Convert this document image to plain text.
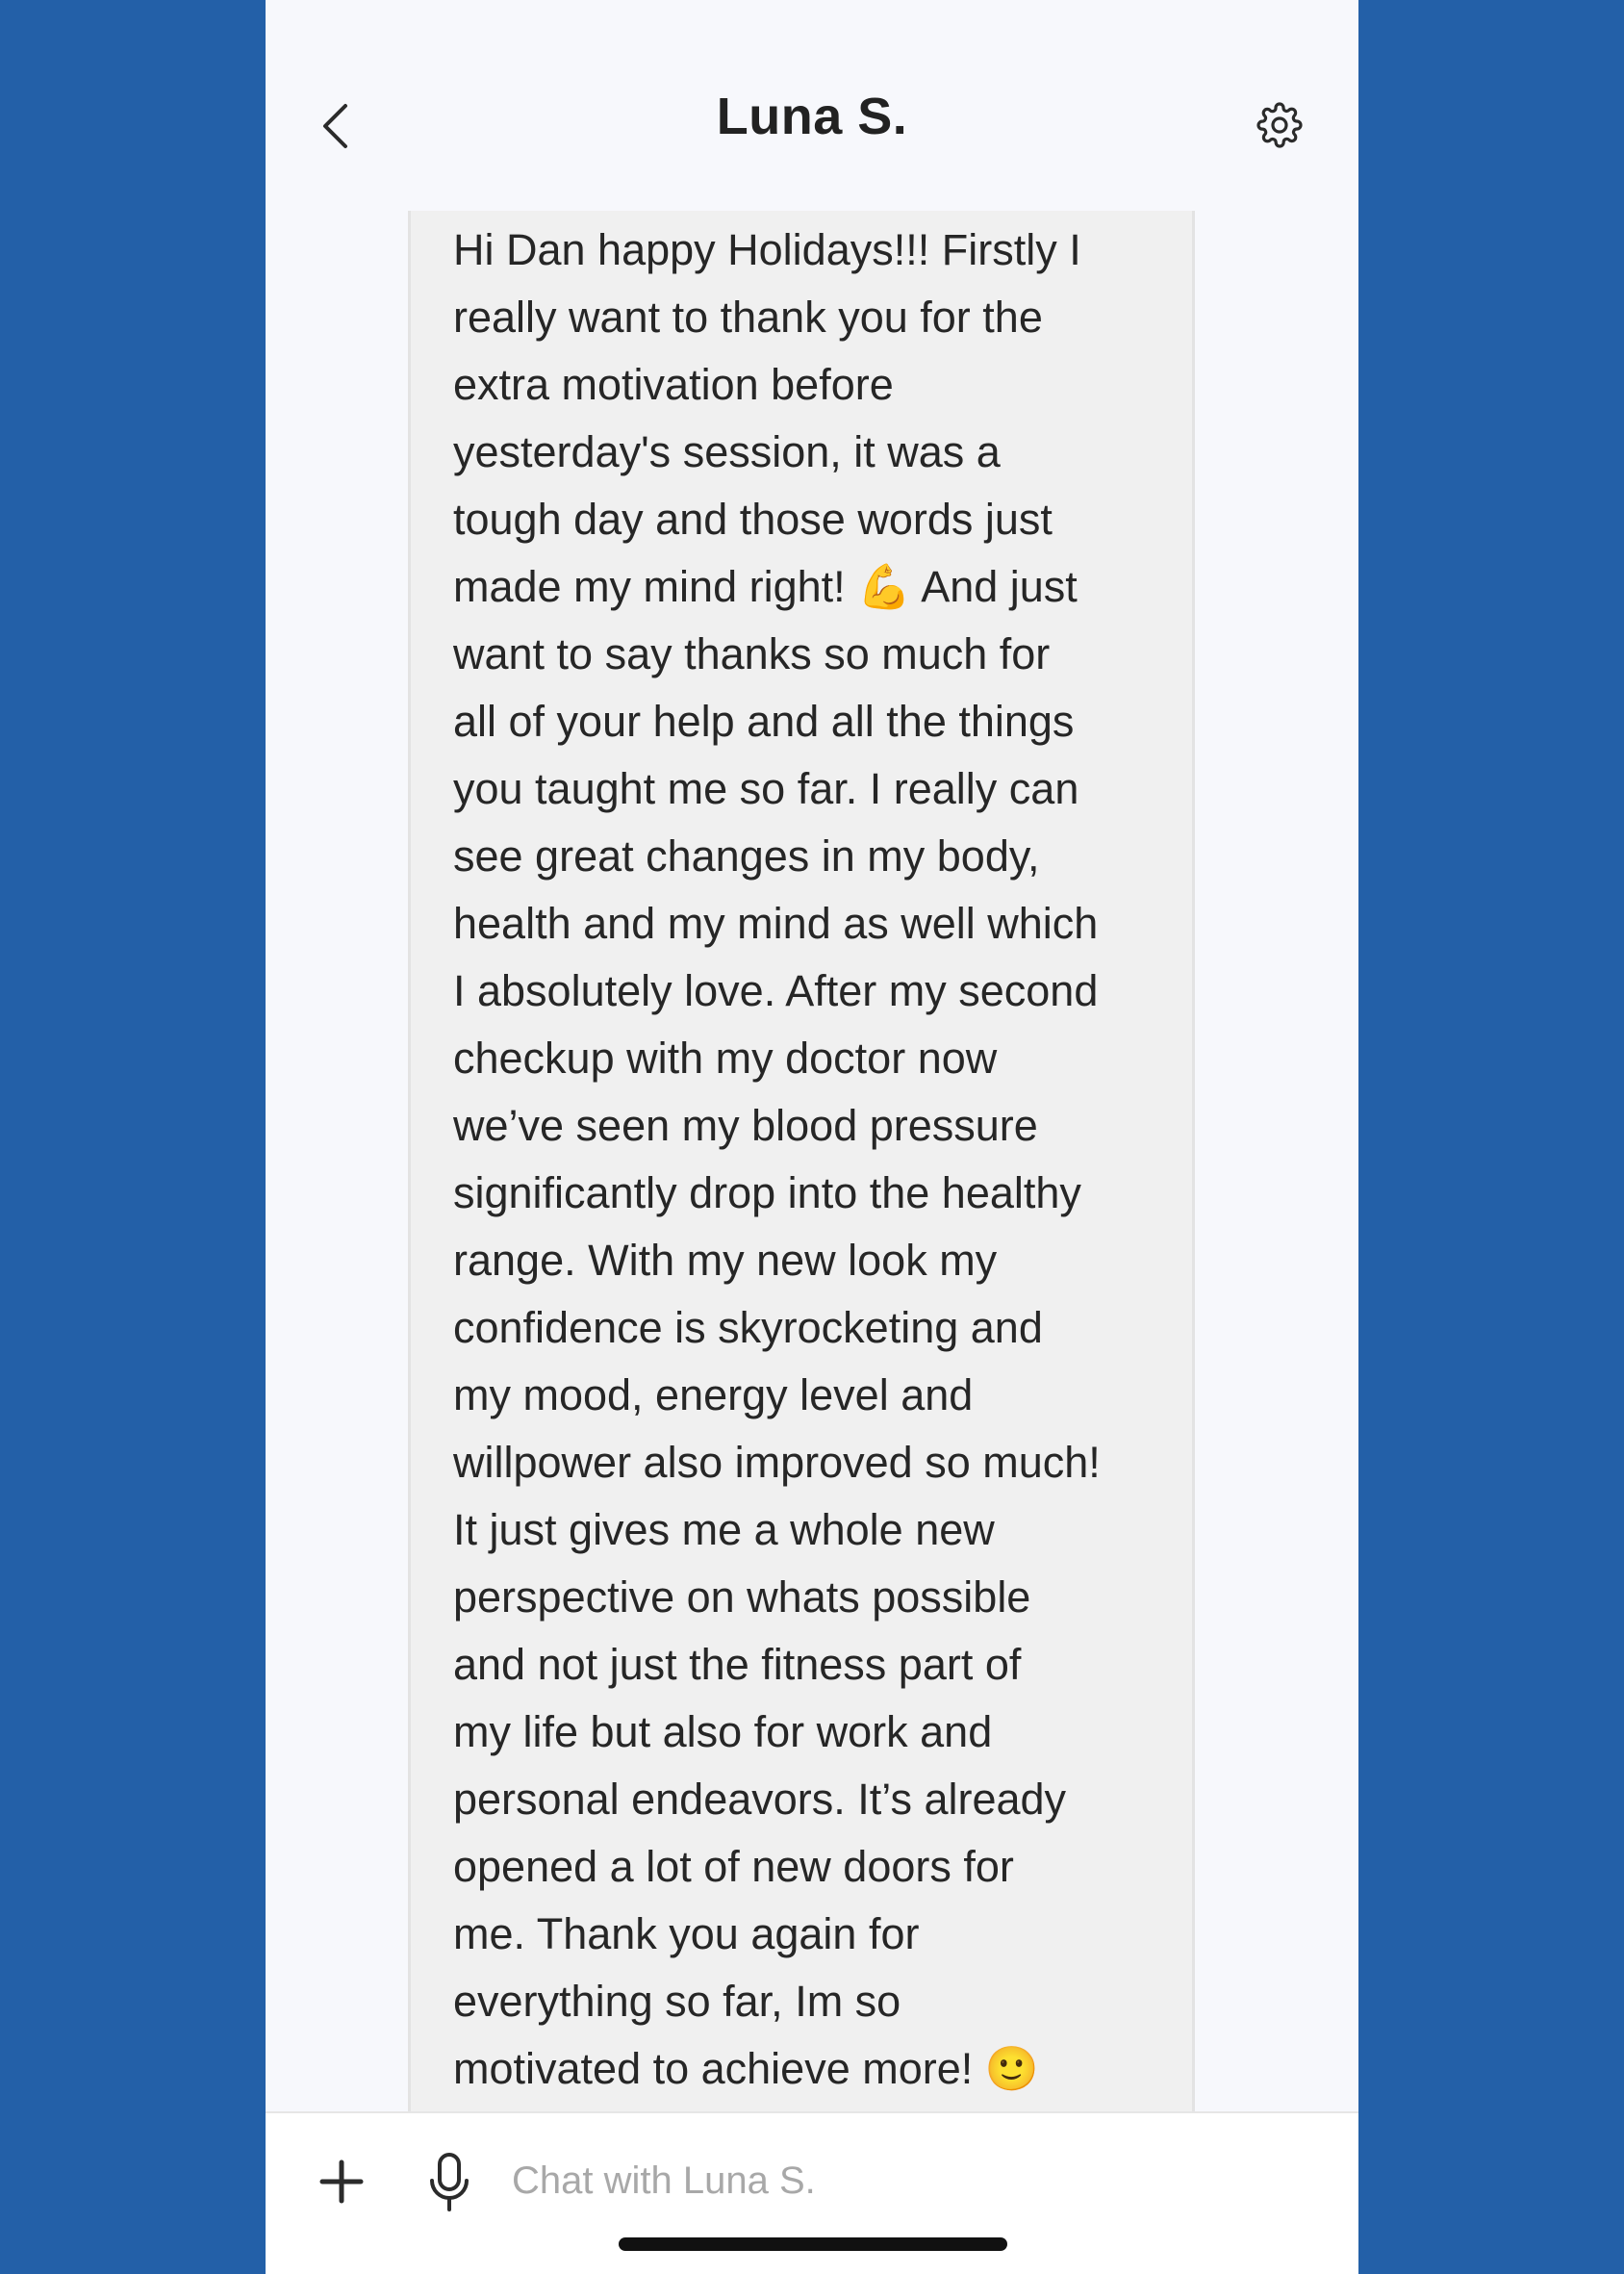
Luna S.
Hi Dan happy Holidays!!! Firstly I
really want to thank you for the
extra motivation before
yesterday's session, it was a
tough day and those words just
made my mind right! 💪 And just
want to say thanks so much for
all of your help and all the things
you taught me so far. I really can
see great changes in my body,
health and my mind as well which
I absolutely love. After my second
checkup with my doctor now
we’ve seen my blood pressure
significantly drop into the healthy
range. With my new look my
confidence is skyrocketing and
my mood, energy level and
willpower also improved so much!
It just gives me a whole new
perspective on whats possible
and not just the fitness part of
my life but also for work and
personal endeavors. It’s already
opened a lot of new doors for
me. Thank you again for
everything so far, Im so
motivated to achieve more! 🙂

Chat with Luna S.
